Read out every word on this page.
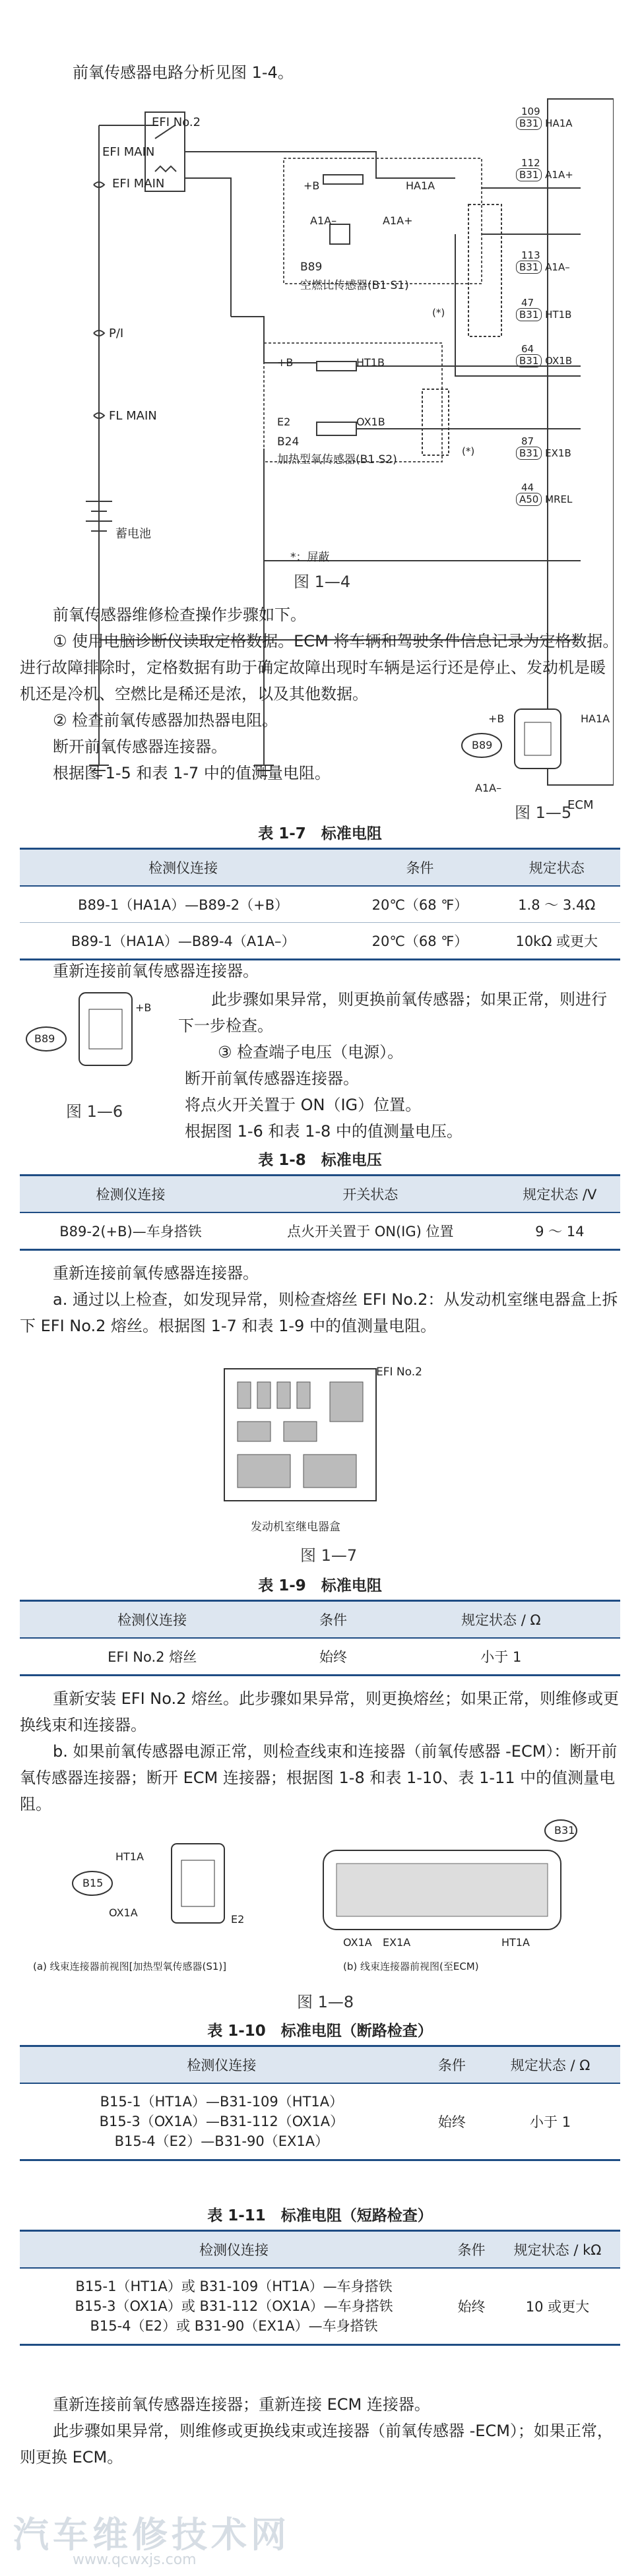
前氧传感器电路分析见图 1-4。

EFI MAIN
EFI No.2
EFI MAIN
P/I
FL MAIN
蓄电池
ECM
+B	HA1A
A1A–	A1A+
B89
空燃比传感器(B1 S1)
(*)
+B	HT1B
E2	OX1B
B24
加热型氧传感器(B1 S2)
(*)
*：屏蔽
109
B31 HA1A
112
B31 A1A+
113
B31 A1A–
47
B31 HT1B
64
B31 OX1B
87
B31 EX1B
44
A50 MREL
图 1—4

前氧传感器维修检查操作步骤如下。

① 使用电脑诊断仪读取定格数据。ECM 将车辆和驾驶条件信息记录为定格数据。进行故障排除时，定格数据有助于确定故障出现时车辆是运行还是停止、发动机是暖机还是冷机、空燃比是稀还是浓，以及其他数据。

② 检查前氧传感器加热器电阻。

断开前氧传感器连接器。

根据图 1-5 和表 1-7 中的值测量电阻。

B89
+B	HA1A
A1A–
图 1—5
表 1-7　标准电阻
检测仪连接	条件	规定状态
B89-1（HA1A）—B89-2（+B）	20℃（68 ℉）	1.8 ～ 3.4Ω
B89-1（HA1A）—B89-4（A1A–）	20℃（68 ℉）	10kΩ 或更大

重新连接前氧传感器连接器。

B89
+B
图 1—6

此步骤如果异常，则更换前氧传感器；如果正常，则进行下一步检查。

③ 检查端子电压（电源）。

断开前氧传感器连接器。

将点火开关置于 ON（IG）位置。

根据图 1-6 和表 1-8 中的值测量电压。

表 1-8　标准电压
检测仪连接	开关状态	规定状态 /V
B89-2(+B)—车身搭铁	点火开关置于 ON(IG) 位置	9 ～ 14

重新连接前氧传感器连接器。

a. 通过以上检查，如发现异常，则检查熔丝 EFI No.2：从发动机室继电器盒上拆下 EFI No.2 熔丝。根据图 1-7 和表 1-9 中的值测量电阻。

EFI No.2
发动机室继电器盒
图 1—7
表 1-9　标准电阻
检测仪连接	条件	规定状态 / Ω
EFI No.2 熔丝	始终	小于 1

重新安装 EFI No.2 熔丝。此步骤如果异常，则更换熔丝；如果正常，则维修或更换线束和连接器。

b. 如果前氧传感器电源正常，则检查线束和连接器（前氧传感器 -ECM）：断开前氧传感器连接器；断开 ECM 连接器；根据图 1-8 和表 1-10、表 1-11 中的值测量电阻。

B15
HT1A
OX1A
E2
(a) 线束连接器前视图[加热型氧传感器(S1)]
B31
OX1A EX1A	HT1A
(b) 线束连接器前视图(至ECM)
图 1—8
表 1-10　标准电阻（断路检查）
检测仪连接	条件	规定状态 / Ω

B15-1（HT1A）—B31-109（HT1A）
B15-3（OX1A）—B31-112（OX1A）
B15-4（E2）—B31-90（EX1A）	始终	小于 1
表 1-11　标准电阻（短路检查）
检测仪连接	条件	规定状态 / kΩ

B15-1（HT1A）或 B31-109（HT1A）—车身搭铁
B15-3（OX1A）或 B31-112（OX1A）—车身搭铁
B15-4（E2）或 B31-90（EX1A）—车身搭铁	始终	10 或更大

重新连接前氧传感器连接器；重新连接 ECM 连接器。

此步骤如果异常，则维修或更换线束或连接器（前氧传感器 -ECM）；如果正常，则更换 ECM。

汽车维修技术网
www.qcwxjs.com
